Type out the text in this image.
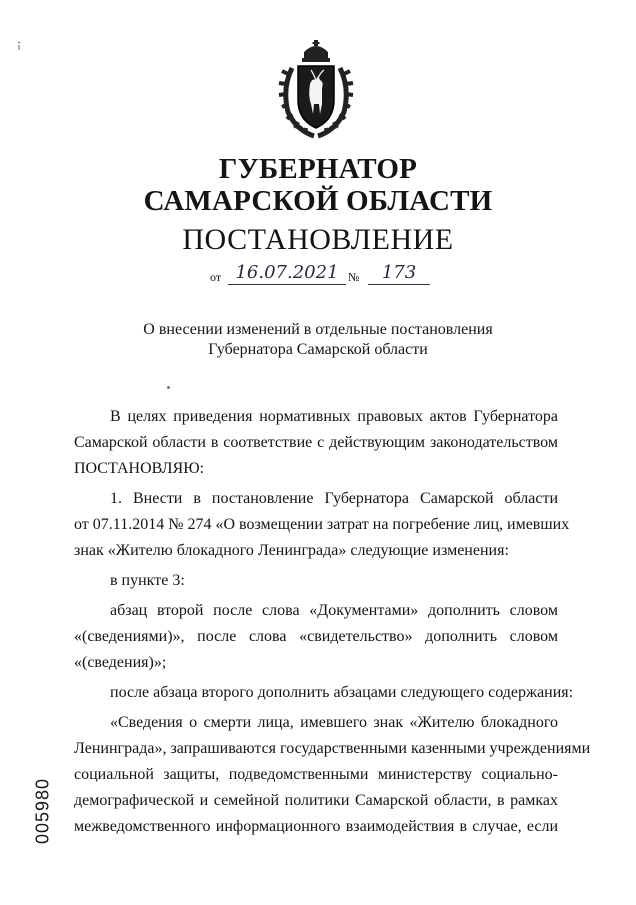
ГУБЕРНАТОР
САМАРСКОЙ ОБЛАСТИ
ПОСТАНОВЛЕНИЕ
от 16.07.2021 №	173
О внесении изменений в отдельные постановления
Губернатора Самарской области
В целях приведения нормативных правовых актов Губернатора
Самарской области в соответствие с действующим законодательством
ПОСТАНОВЛЯЮ:
1. Внести в постановление Губернатора Самарской области
от 07.11.2014 № 274 «О возмещении затрат на погребение лиц, имевших
знак «Жителю блокадного Ленинграда» следующие изменения:
в пункте 3:
абзац второй после слова «Документами» дополнить словом
«(сведениями)», после слова «свидетельство» дополнить словом
«(сведения)»;
после абзаца второго дополнить абзацами следующего содержания:
«Сведения о смерти лица, имевшего знак «Жителю блокадного
Ленинграда», запрашиваются государственными казенными учреждениями
социальной защиты, подведомственными министерству социально-
демографической и семейной политики Самарской области, в рамках
межведомственного информационного взаимодействия в случае, если
005980
